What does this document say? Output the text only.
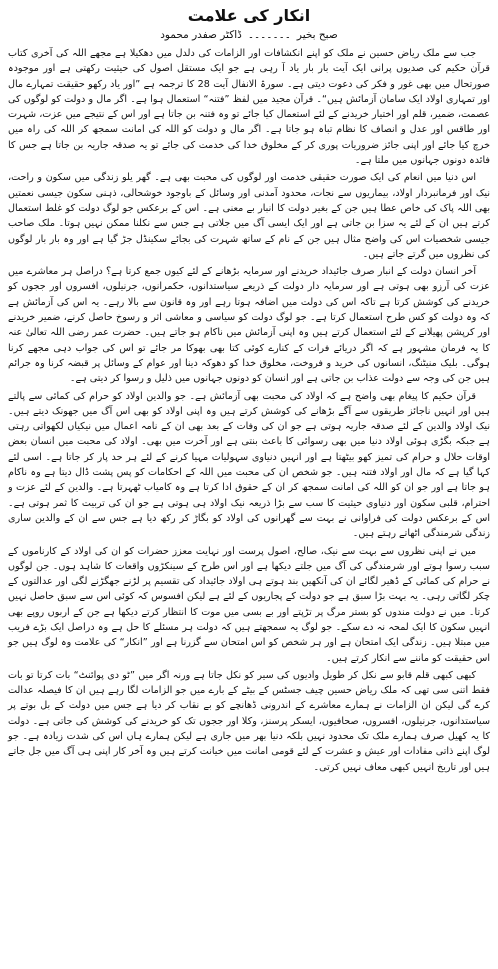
انکار کی علامت
صبح بخیر۔۔۔۔۔۔۔ڈاکٹر صفدر محمود

جب سے ملک ریاض حسین نے ملک کو اپنے انکشافات اور الزامات کی دلدل میں دھکیلا ہے مجھے اللہ کی آخری کتاب قرآن حکیم کی صدیوں پرانی ایک آیت بار بار یاد آ رہی ہے جو ایک مستقل اصول کی حیثیت رکھتی ہے اور موجودہ صورتحال میں بھی غور و فکر کی دعوت دیتی ہے۔ سورۃ الانفال آیت 28 کا ترجمہ ہے ”اور یاد رکھو حقیقت تمہارے مال اور تمہاری اولاد ایک سامان آزمائش ہیں“۔ قرآن مجید میں لفظ ”فتنہ“ استعمال ہوا ہے۔ اگر مال و دولت کو لوگوں کی عصمت، ضمیر، قلم اور اختیار خریدنے کے لئے استعمال کیا جائے تو وہ فتنہ بن جاتا ہے اور اس کے نتیجے میں عزت، شہرت اور طاقس اور عدل و انصاف کا نظام تباہ ہو جاتا ہے۔ اگر مال و دولت کو اللہ کی امانت سمجھ کر اللہ کی راہ میں خرچ کیا جائے اور اپنی جائز ضروریات پوری کر کے مخلوق خدا کی خدمت کی جائے تو یہ صدقہ جاریہ بن جاتا ہے جس کا فائدہ دونوں جہانوں میں ملتا ہے۔

اس دنیا میں انعام کی ایک صورت حقیقی خدمت اور لوگوں کی محبت بھی ہے۔ گھر یلو زندگی میں سکون و راحت، نیک اور فرمانبردار اولاد، بیماریوں سے نجات، محدود آمدنی اور وسائل کے باوجود خوشحالی، ذہنی سکون جیسی نعمتیں بھی اللہ پاک کی خاص عطا ہیں جن کے بغیر دولت کا انبار بے معنی ہے۔ اس کے برعکس جو لوگ دولت کو غلط استعمال کرتے ہیں ان کے لئے یہ سزا بن جاتی ہے اور ایک ایسی آگ میں جلاتی ہے جس سے نکلنا ممکن نہیں ہوتا۔ ملک صاحب جیسی شخصیات اس کی واضح مثال ہیں جن کے نام کے ساتھ شہرت کی بجائے سکینڈل جڑ گیا ہے اور وہ بار بار لوگوں کی نظروں میں گرتے جاتے ہیں۔

آخر انسان دولت کے انبار صرف جائیداد خریدنے اور سرمایہ بڑھانے کے لئے کیوں جمع کرتا ہے؟ دراصل ہر معاشرے میں عزت کی آرزو بھی ہوتی ہے اور سرمایہ دار دولت کے ذریعے سیاستدانوں، حکمرانوں، جرنیلوں، افسروں اور ججوں کو خریدنے کی کوشش کرتا ہے تاکہ اس کی دولت میں اضافہ ہوتا رہے اور وہ قانون سے بالا رہے۔ یہ اس کی آزمائش ہے کہ وہ دولت کو کس طرح استعمال کرتا ہے۔ جو لوگ دولت کو سیاسی و معاشی اثر و رسوخ حاصل کرنے، ضمیر خریدنے اور کرپشن پھیلانے کے لئے استعمال کرتے ہیں وہ اپنی آزمائش میں ناکام ہو جاتے ہیں۔ حضرت عمر رضی اللہ تعالیٰ عنہ کا یہ فرمان مشہور ہے کہ اگر دریائے فرات کے کنارے کوئی کتا بھی بھوکا مر جائے تو اس کی جواب دہی مجھے کرنا ہوگی۔ بلیک منیٹنگ، انسانوں کی خرید و فروخت، مخلوق خدا کو دھوکہ دینا اور عوام کے وسائل پر قبضہ کرنا وہ جرائم ہیں جن کی وجہ سے دولت عذاب بن جاتی ہے اور انسان کو دونوں جہانوں میں ذلیل و رسوا کر دیتی ہے۔

قرآن حکیم کا پیغام بھی واضح ہے کہ اولاد کی محبت بھی آزمائش ہے۔ جو والدین اولاد کو حرام کی کمائی سے پالتے ہیں اور انہیں ناجائز طریقوں سے آگے بڑھانے کی کوشش کرتے ہیں وہ اپنی اولاد کو بھی اس آگ میں جھونک دیتے ہیں۔ نیک اولاد والدین کے لئے صدقہ جاریہ ہوتی ہے جو ان کی وفات کے بعد بھی ان کے نامہ اعمال میں نیکیاں لکھواتی رہتی ہے جبکہ بگڑی ہوئی اولاد دنیا میں بھی رسوائی کا باعث بنتی ہے اور آخرت میں بھی۔ اولاد کی محبت میں انسان بعض اوقات حلال و حرام کی تمیز کھو بیٹھتا ہے اور انہیں دنیاوی سہولیات مہیا کرنے کے لئے ہر حد پار کر جاتا ہے۔ اسی لئے کہا گیا ہے کہ مال اور اولاد فتنہ ہیں۔ جو شخص ان کی محبت میں اللہ کے احکامات کو پس پشت ڈال دیتا ہے وہ ناکام ہو جاتا ہے اور جو ان کو اللہ کی امانت سمجھ کر ان کے حقوق ادا کرتا ہے وہ کامیاب ٹھہرتا ہے۔ والدین کے لئے عزت و احترام، قلبی سکون اور دنیاوی حیثیت کا سب سے بڑا ذریعہ نیک اولاد ہی ہوتی ہے جو ان کی تربیت کا ثمر ہوتی ہے۔ اس کے برعکس دولت کی فراوانی نے بہت سے گھرانوں کی اولاد کو بگاڑ کر رکھ دیا ہے جس سے ان کے والدین ساری زندگی شرمندگی اٹھاتے رہتے ہیں۔

میں نے اپنی نظروں سے بہت سے نیک، صالح، اصول پرست اور نہایت معزز حضرات کو ان کی اولاد کے کارناموں کے سبب رسوا ہوتے اور شرمندگی کی آگ میں جلتے دیکھا ہے اور اس طرح کے سینکڑوں واقعات کا شاہد ہوں۔ جن لوگوں نے حرام کی کمائی کے ڈھیر لگائے ان کی آنکھیں بند ہوتے ہی اولاد جائیداد کی تقسیم پر لڑنے جھگڑنے لگی اور عدالتوں کے چکر لگاتی رہی۔ یہ بہت بڑا سبق ہے جو دولت کے پجاریوں کے لئے ہے لیکن افسوس کہ کوئی اس سے سبق حاصل نہیں کرتا۔ میں نے دولت مندوں کو بستر مرگ پر تڑپتے اور بے بسی میں موت کا انتظار کرتے دیکھا ہے جن کے اربوں روپے بھی انہیں سکون کا ایک لمحہ نہ دے سکے۔ جو لوگ یہ سمجھتے ہیں کہ دولت ہر مسئلے کا حل ہے وہ دراصل ایک بڑے فریب میں مبتلا ہیں۔ زندگی ایک امتحان ہے اور ہر شخص کو اس امتحان سے گزرنا ہے اور ”انکار“ کی علامت وہ لوگ ہیں جو اس حقیقت کو ماننے سے انکار کرتے ہیں۔

کبھی کبھی قلم قابو سے نکل کر طویل وادیوں کی سیر کو نکل جاتا ہے ورنہ اگر میں ”ٹو دی پوائنٹ“ بات کرتا تو بات فقط اتنی سی تھی کہ ملک ریاض حسین چیف جسٹس کے بیٹے کے بارے میں جو الزامات لگا رہے ہیں ان کا فیصلہ عدالت کرے گی لیکن ان الزامات نے ہمارے معاشرے کے اندرونی ڈھانچے کو بے نقاب کر دیا ہے جس میں دولت کے بل بوتے پر سیاستدانوں، جرنیلوں، افسروں، صحافیوں، ایسکر پرسنز، وکلا اور ججوں تک کو خریدنے کی کوشش کی جاتی ہے۔ دولت کا یہ کھیل صرف ہمارے ملک تک محدود نہیں بلکہ دنیا بھر میں جاری ہے لیکن ہمارے ہاں اس کی شدت زیادہ ہے۔ جو لوگ اپنے ذاتی مفادات اور عیش و عشرت کے لئے قومی امانت میں خیانت کرتے ہیں وہ آخر کار اپنی ہی آگ میں جل جاتے ہیں اور تاریخ انہیں کبھی معاف نہیں کرتی۔
